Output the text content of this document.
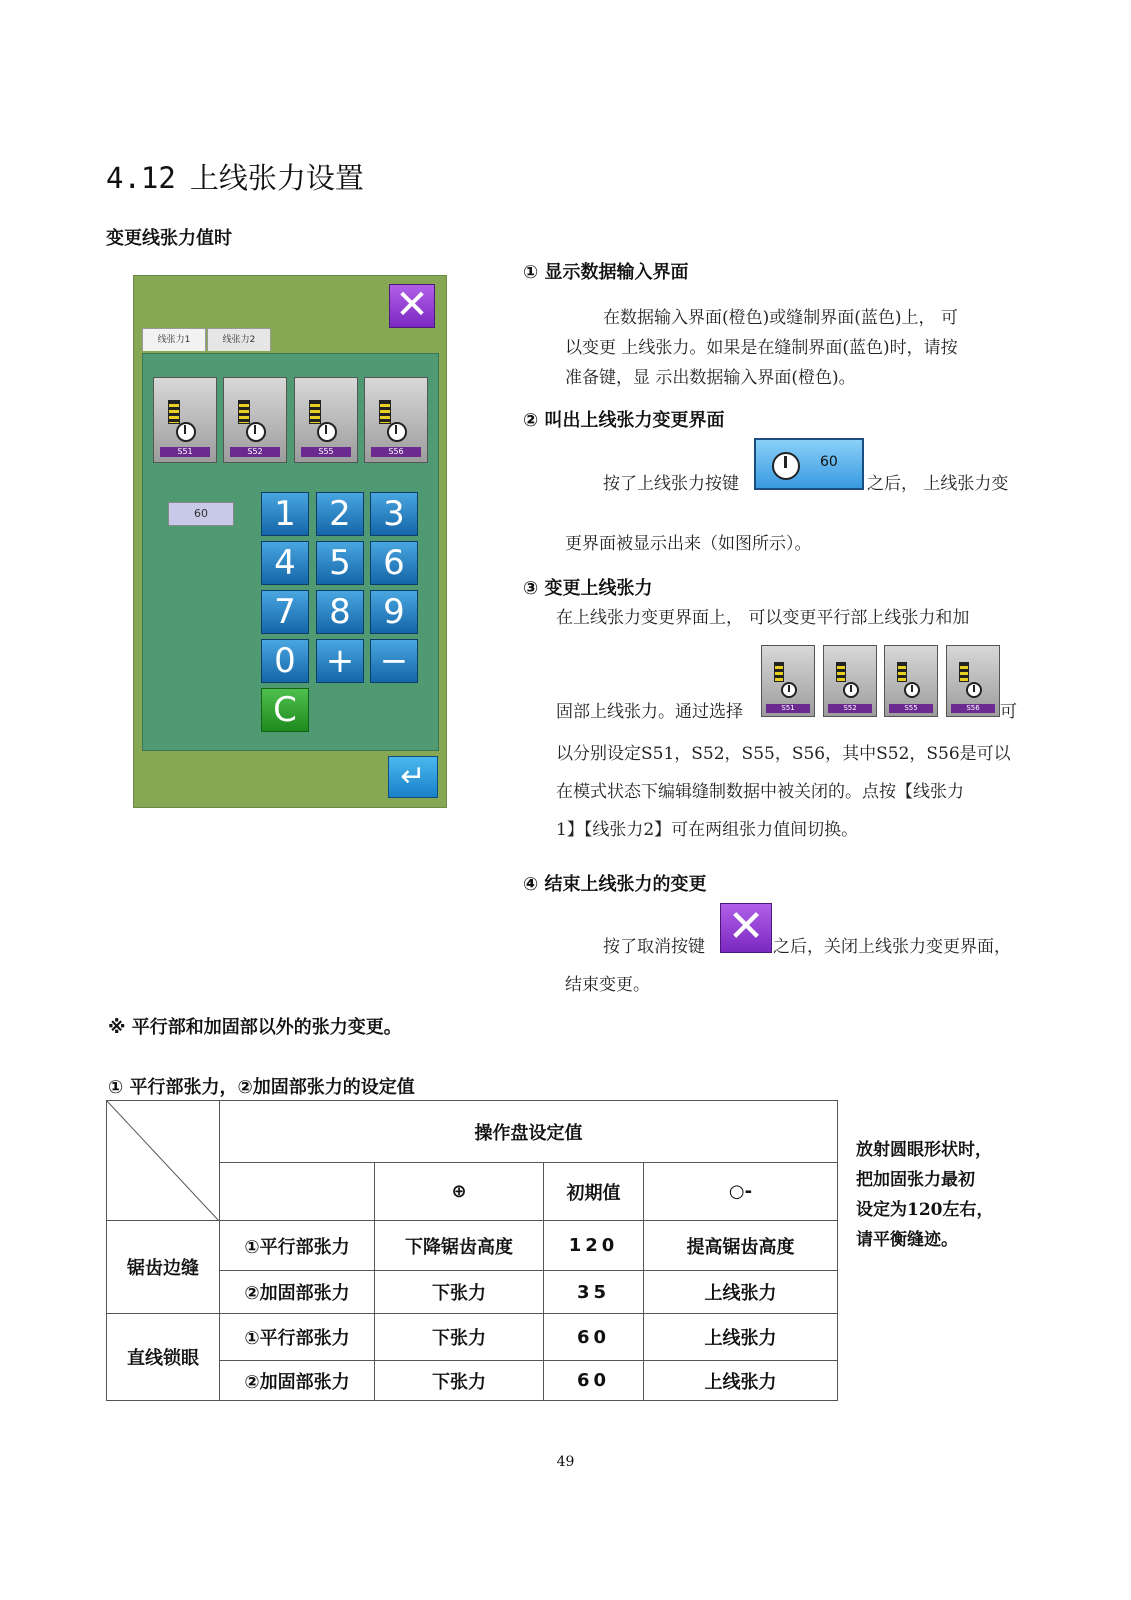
4.12 上线张力设置
变更线张力值时
✕
线张力1	线张力2
S51	S52	S55	S56
60	1 2 3
4 5 6
7 8 9
0 + −
C
↵
① 显示数据输入界面
在数据输入界面(橙色)或缝制界面(蓝色)上， 可
以变更 上线张力。如果是在缝制界面(蓝色)时，请按
准备键，显 示出数据输入界面(橙色)。
② 叫出上线张力变更界面
按了上线张力按键
60
之后， 上线张力变
更界面被显示出来（如图所示）。
③ 变更上线张力
在上线张力变更界面上， 可以变更平行部上线张力和加
固部上线张力。通过选择	S51	S52	S55	S56	可
以分别设定S51，S52，S55，S56，其中S52，S56是可以
在模式状态下编辑缝制数据中被关闭的。点按【线张力
1】【线张力2】可在两组张力值间切换。
④ 结束上线张力的变更
按了取消按键 ✕ 之后，关闭上线张力变更界面，
结束变更。
※ 平行部和加固部以外的张力变更。
① 平行部张力，②加固部张力的设定值
	操作盘设定值			
		⊕	初期值	○-
锯齿边缝	①平行部张力	下降锯齿高度	120	提高锯齿高度
	②加固部张力	下张力	35	上线张力
直线锁眼	①平行部张力	下张力	60	上线张力
	②加固部张力	下张力	60	上线张力
放射圆眼形状时，
把加固张力最初
设定为120左右，
请平衡缝迹。
49
